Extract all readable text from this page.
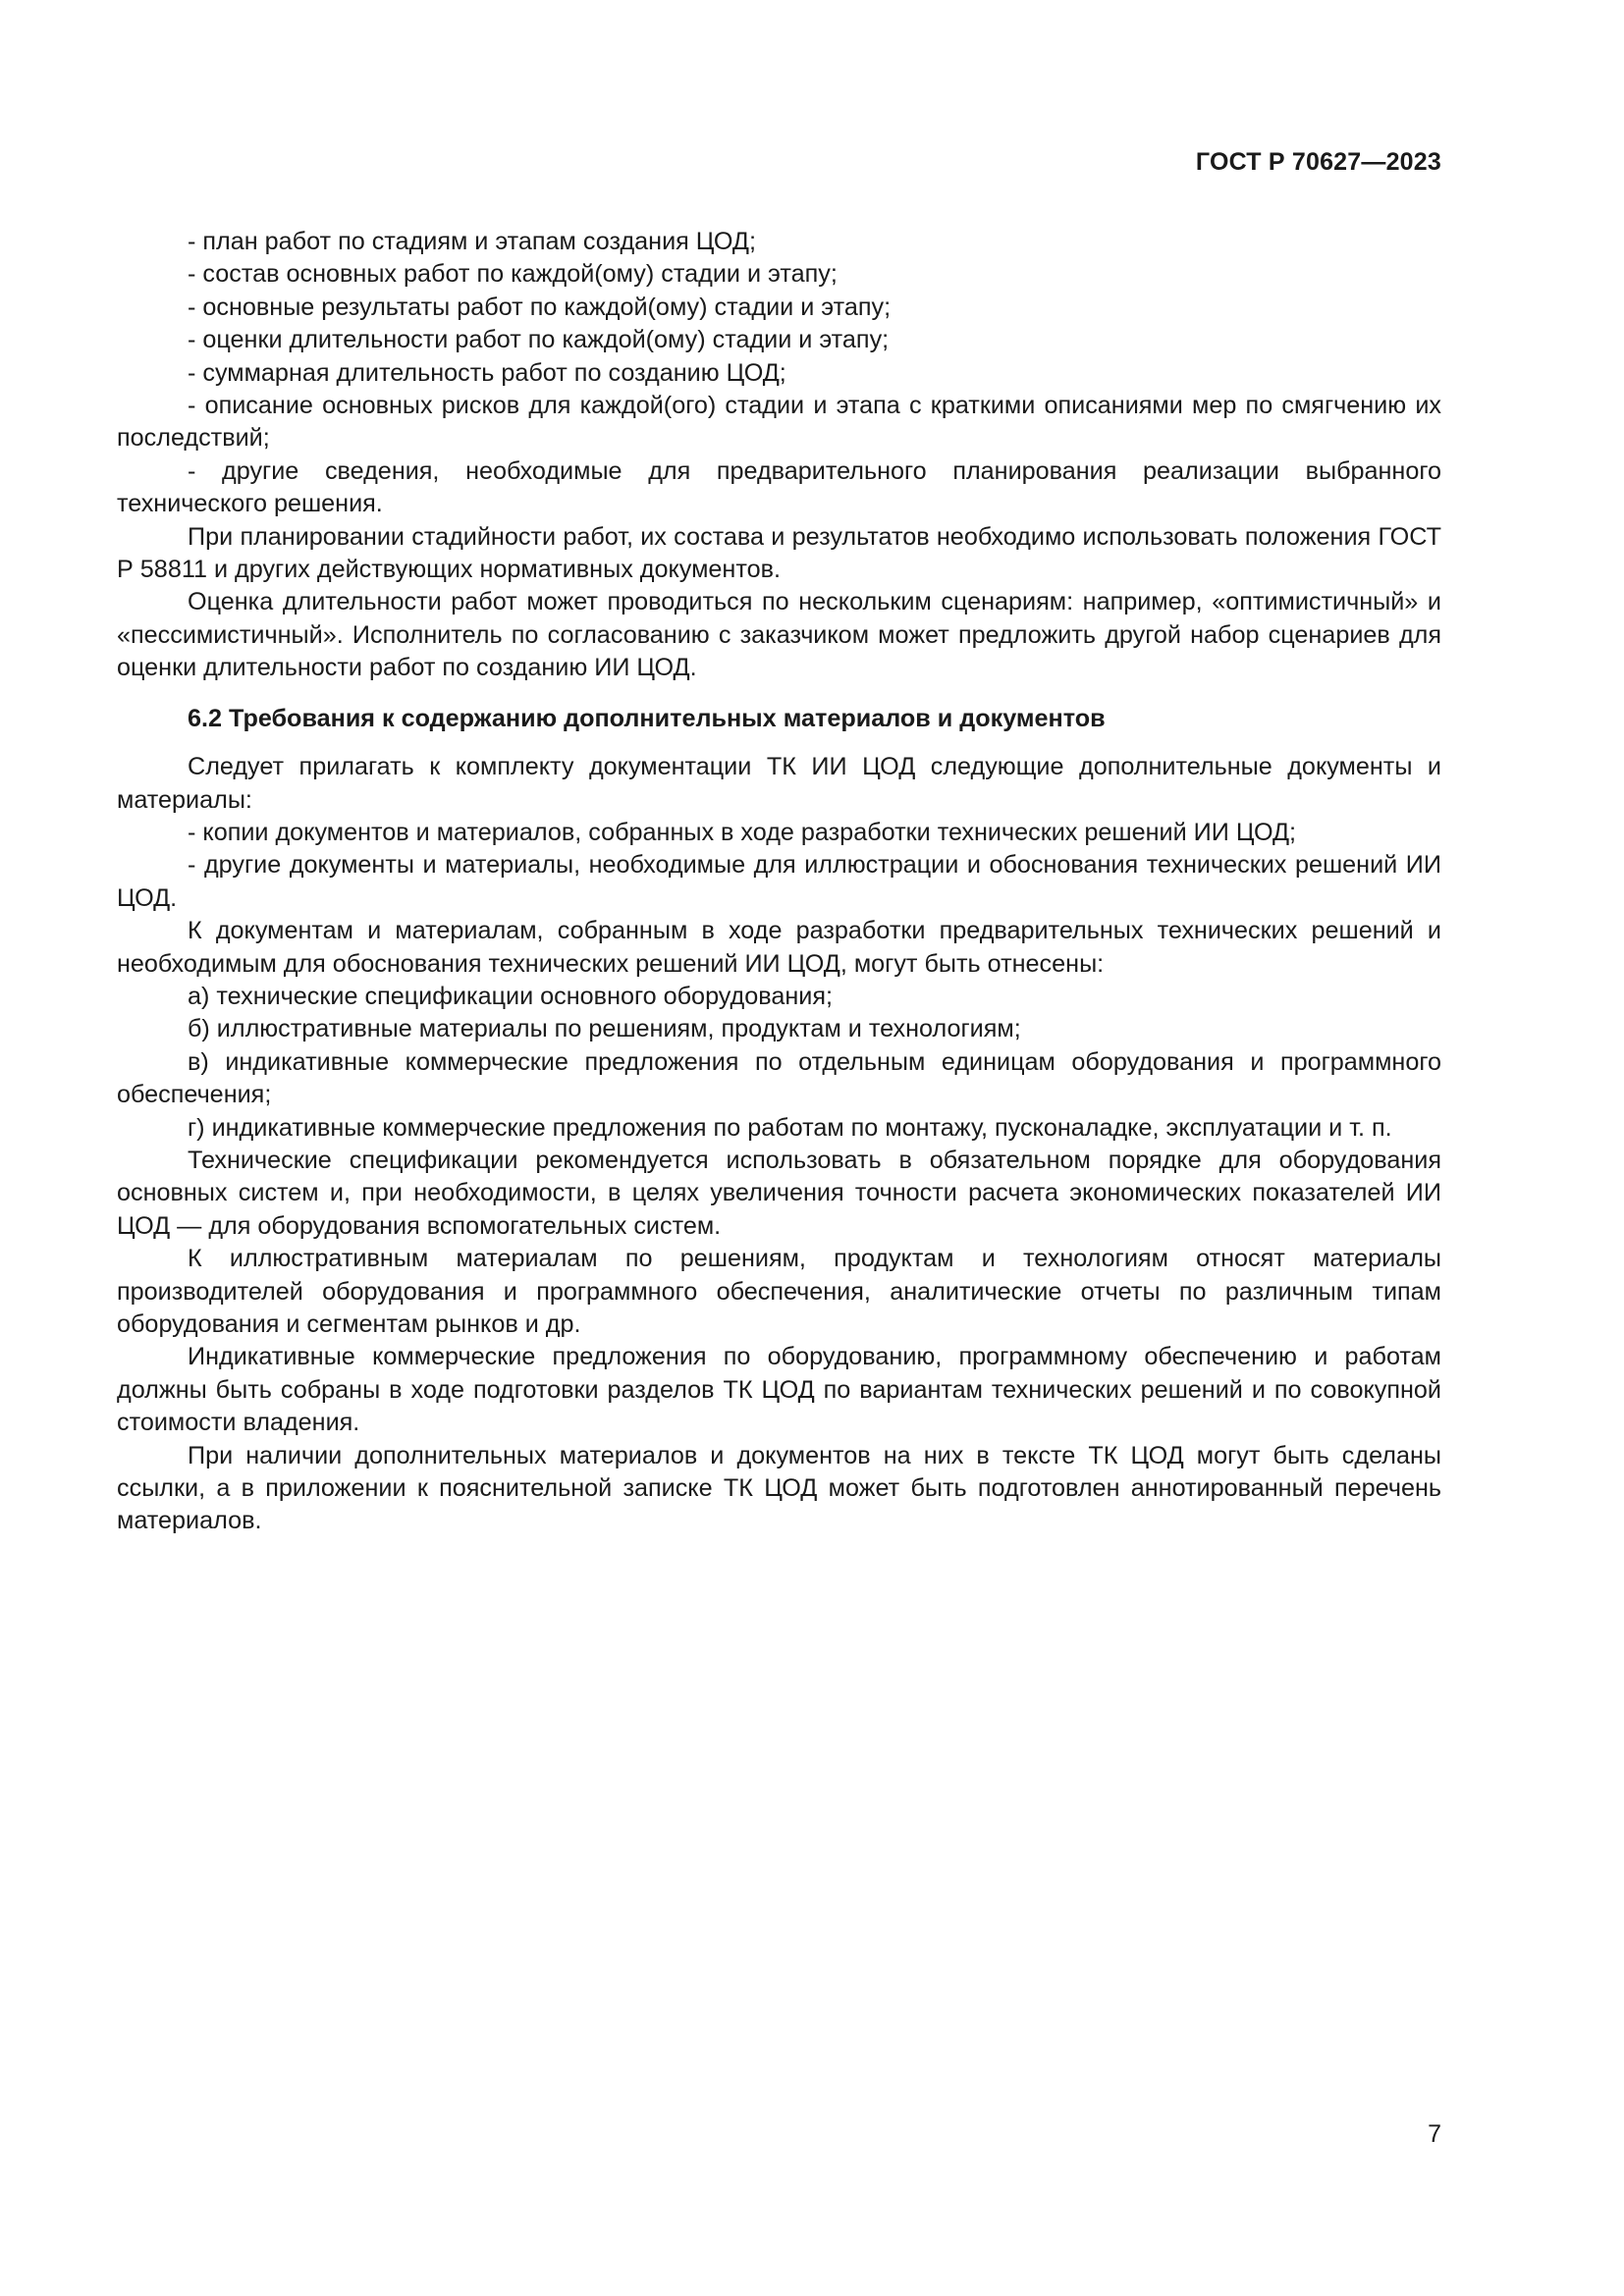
ГОСТ Р 70627—2023

- план работ по стадиям и этапам создания ЦОД;

- состав основных работ по каждой(ому) стадии и этапу;

- основные результаты работ по каждой(ому) стадии и этапу;

- оценки длительности работ по каждой(ому) стадии и этапу;

- суммарная длительность работ по созданию ЦОД;

- описание основных рисков для каждой(ого) стадии и этапа с краткими описаниями мер по смягчению их последствий;

- другие сведения, необходимые для предварительного планирования реализации выбранного технического решения.

При планировании стадийности работ, их состава и результатов необходимо использовать положения ГОСТ Р 58811 и других действующих нормативных документов.

Оценка длительности работ может проводиться по нескольким сценариям: например, «оптимистичный» и «пессимистичный». Исполнитель по согласованию с заказчиком может предложить другой набор сценариев для оценки длительности работ по созданию ИИ ЦОД.

6.2 Требования к содержанию дополнительных материалов и документов

Следует прилагать к комплекту документации ТК ИИ ЦОД следующие дополнительные документы и материалы:

- копии документов и материалов, собранных в ходе разработки технических решений ИИ ЦОД;

- другие документы и материалы, необходимые для иллюстрации и обоснования технических решений ИИ ЦОД.

К документам и материалам, собранным в ходе разработки предварительных технических решений и необходимым для обоснования технических решений ИИ ЦОД, могут быть отнесены:

а) технические спецификации основного оборудования;

б) иллюстративные материалы по решениям, продуктам и технологиям;

в) индикативные коммерческие предложения по отдельным единицам оборудования и программного обеспечения;

г) индикативные коммерческие предложения по работам по монтажу, пусконаладке, эксплуатации и т. п.

Технические спецификации рекомендуется использовать в обязательном порядке для оборудования основных систем и, при необходимости, в целях увеличения точности расчета экономических показателей ИИ ЦОД — для оборудования вспомогательных систем.

К иллюстративным материалам по решениям, продуктам и технологиям относят материалы производителей оборудования и программного обеспечения, аналитические отчеты по различным типам оборудования и сегментам рынков и др.

Индикативные коммерческие предложения по оборудованию, программному обеспечению и работам должны быть собраны в ходе подготовки разделов ТК ЦОД по вариантам технических решений и по совокупной стоимости владения.

При наличии дополнительных материалов и документов на них в тексте ТК ЦОД могут быть сделаны ссылки, а в приложении к пояснительной записке ТК ЦОД может быть подготовлен аннотированный перечень материалов.

7
